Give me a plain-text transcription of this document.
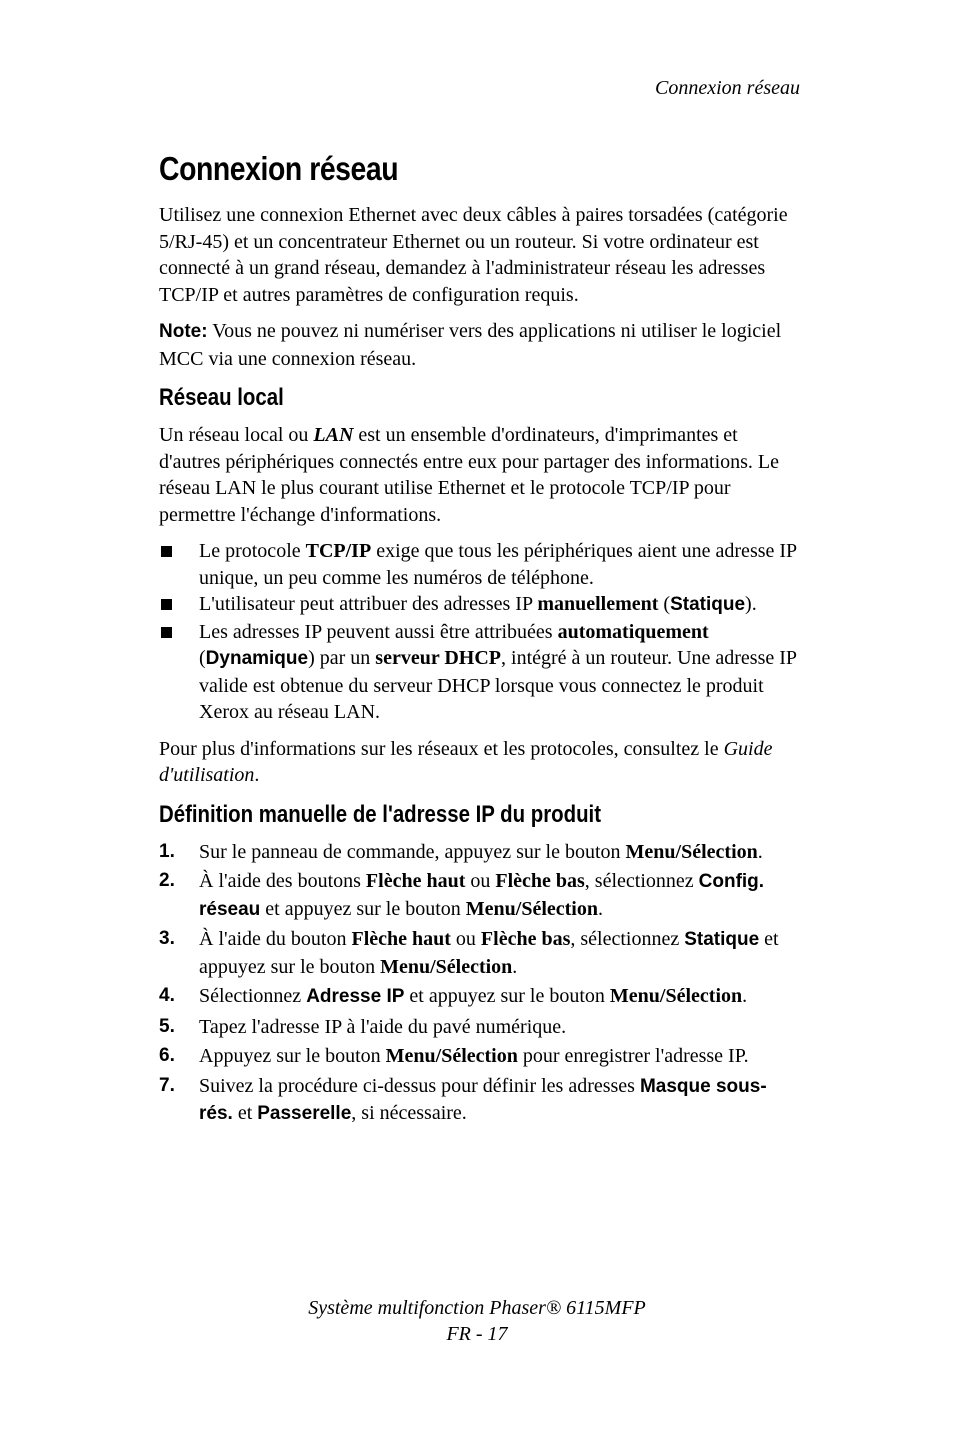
Connexion réseau
Connexion réseau

Utilisez une connexion Ethernet avec deux câbles à paires torsadées (catégorie 5/RJ-45) et un concentrateur Ethernet ou un routeur. Si votre ordinateur est connecté à un grand réseau, demandez à l'administrateur réseau les adresses TCP/IP et autres paramètres de configuration requis.

Note: Vous ne pouvez ni numériser vers des applications ni utiliser le logiciel MCC via une connexion réseau.

Réseau local

Un réseau local ou LAN est un ensemble d'ordinateurs, d'imprimantes et d'autres périphériques connectés entre eux pour partager des informations. Le réseau LAN le plus courant utilise Ethernet et le protocole TCP/IP pour permettre l'échange d'informations.

Le protocole TCP/IP exige que tous les périphériques aient une adresse IP unique, un peu comme les numéros de téléphone.
L'utilisateur peut attribuer des adresses IP manuellement (Statique).
Les adresses IP peuvent aussi être attribuées automatiquement (Dynamique) par un serveur DHCP, intégré à un routeur. Une adresse IP valide est obtenue du serveur DHCP lorsque vous connectez le produit Xerox au réseau LAN.

Pour plus d'informations sur les réseaux et les protocoles, consultez le Guide d'utilisation.

Définition manuelle de l'adresse IP du produit
1. Sur le panneau de commande, appuyez sur le bouton Menu/Sélection.
2. À l'aide des boutons Flèche haut ou Flèche bas, sélectionnez Config. réseau et appuyez sur le bouton Menu/Sélection.
3. À l'aide du bouton Flèche haut ou Flèche bas, sélectionnez Statique et appuyez sur le bouton Menu/Sélection.
4. Sélectionnez Adresse IP et appuyez sur le bouton Menu/Sélection.
5. Tapez l'adresse IP à l'aide du pavé numérique.
6. Appuyez sur le bouton Menu/Sélection pour enregistrer l'adresse IP.
7. Suivez la procédure ci-dessus pour définir les adresses Masque sous-rés. et Passerelle, si nécessaire.
Système multifonction Phaser® 6115MFP
FR - 17
